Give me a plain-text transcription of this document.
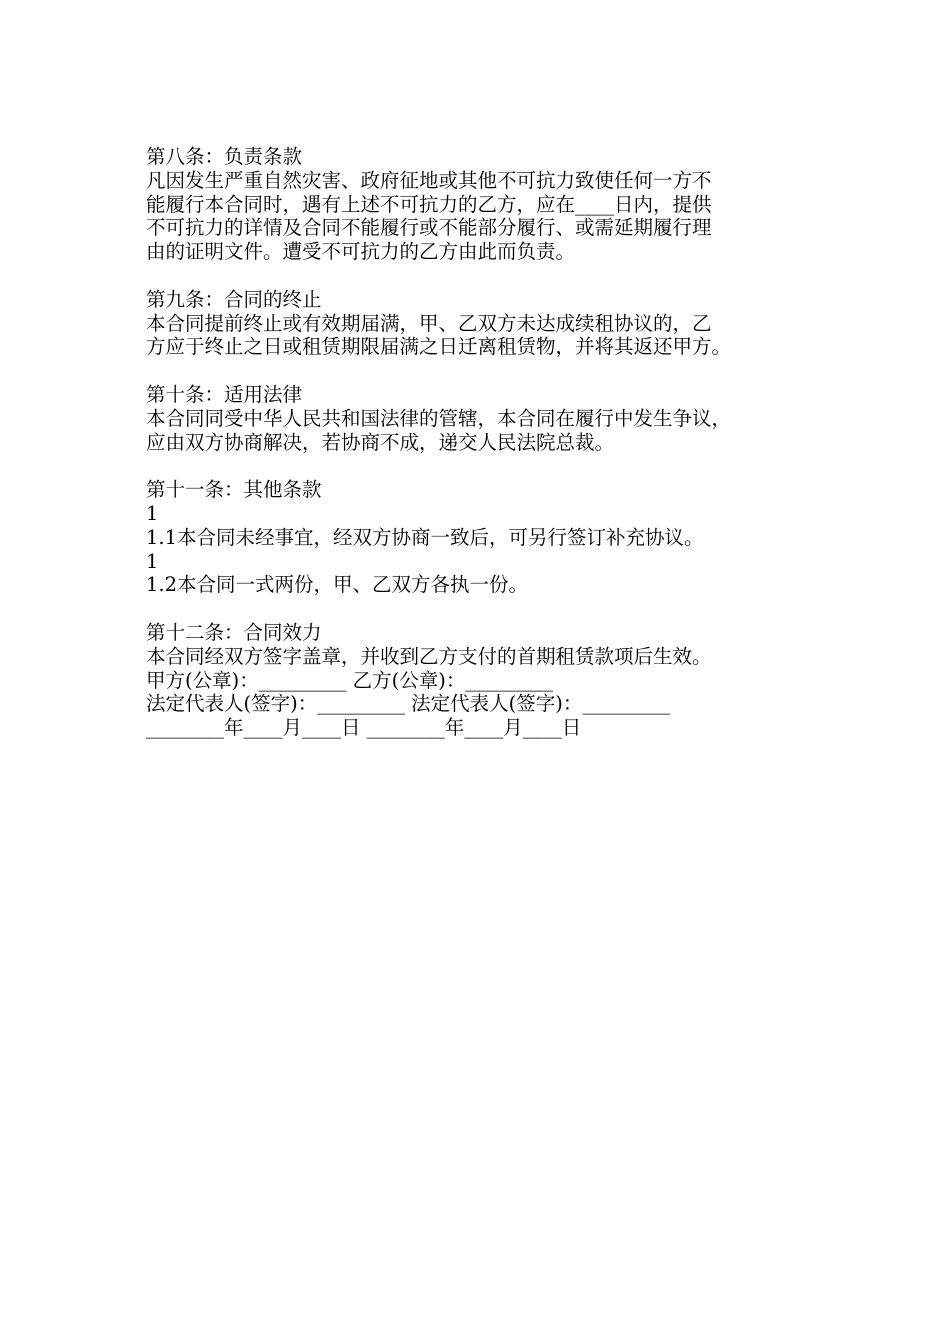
第八条：负责条款
凡因发生严重自然灾害、政府征地或其他不可抗力致使任何一方不
能履行本合同时，遇有上述不可抗力的乙方，应在____日内，提供
不可抗力的详情及合同不能履行或不能部分履行、或需延期履行理
由的证明文件。遭受不可抗力的乙方由此而负责。
第九条：合同的终止
本合同提前终止或有效期届满，甲、乙双方未达成续租协议的，乙
方应于终止之日或租赁期限届满之日迁离租赁物，并将其返还甲方。
第十条：适用法律
本合同同受中华人民共和国法律的管辖，本合同在履行中发生争议，
应由双方协商解决，若协商不成，递交人民法院总裁。
第十一条：其他条款
1
1.1本合同未经事宜，经双方协商一致后，可另行签订补充协议。
1
1.2本合同一式两份，甲、乙双方各执一份。
第十二条：合同效力
本合同经双方签字盖章，并收到乙方支付的首期租赁款项后生效。
甲方(公章)：_________ 乙方(公章)：_________
法定代表人(签字)：_________ 法定代表人(签字)：_________
________年____月____日 ________年____月____日
